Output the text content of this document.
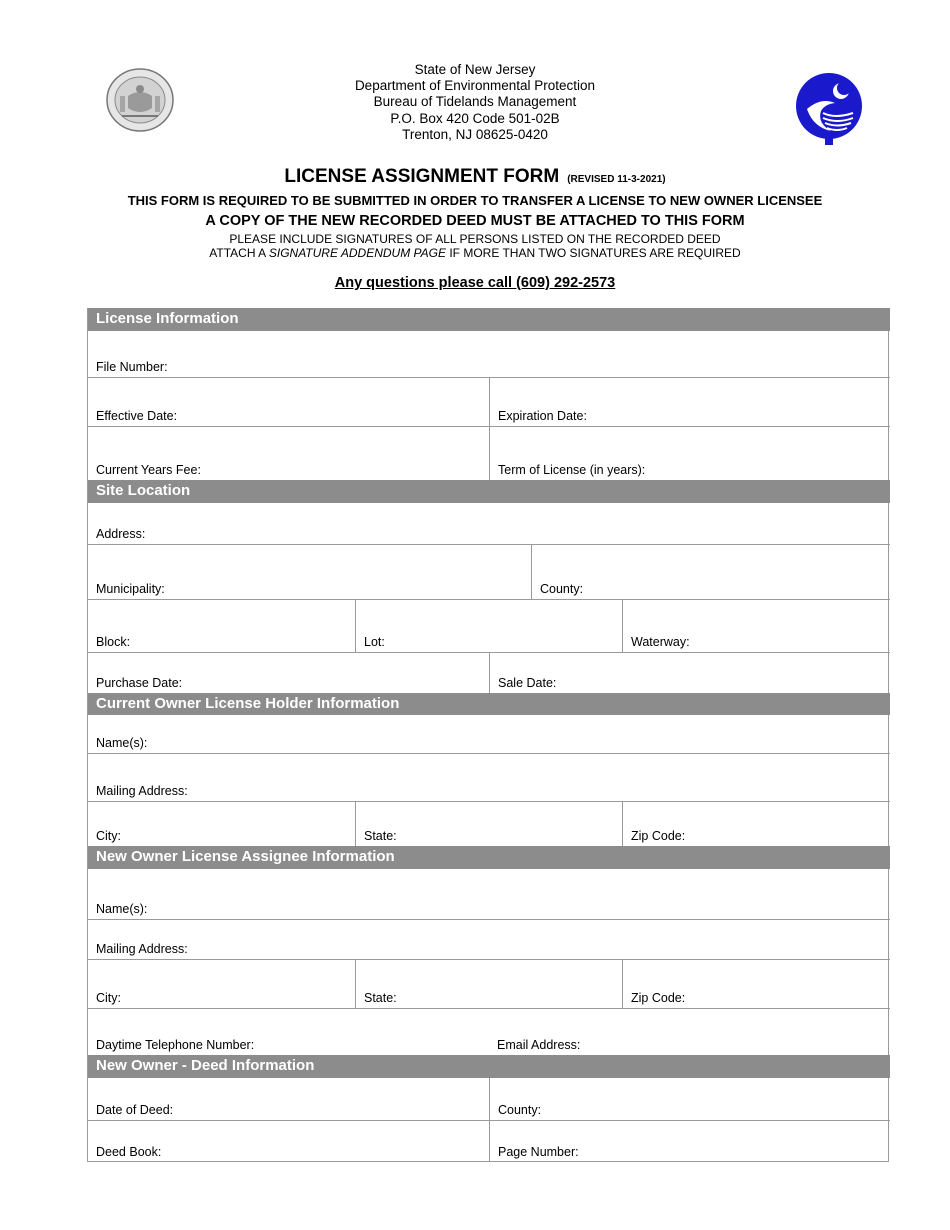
State of New Jersey
Department of Environmental Protection
Bureau of Tidelands Management
P.O. Box 420 Code 501-02B
Trenton, NJ 08625-0420
LICENSE ASSIGNMENT FORM (REVISED 11-3-2021)
THIS FORM IS REQUIRED TO BE SUBMITTED IN ORDER TO TRANSFER A LICENSE TO NEW OWNER LICENSEE
A COPY OF THE NEW RECORDED DEED MUST BE ATTACHED TO THIS FORM
PLEASE INCLUDE SIGNATURES OF ALL PERSONS LISTED ON THE RECORDED DEED
ATTACH A SIGNATURE ADDENDUM PAGE IF MORE THAN TWO SIGNATURES ARE REQUIRED
Any questions please call (609) 292-2573
License Information
File Number:
Effective Date:	Expiration Date:
Current Years Fee:	Term of License (in years):
Site Location
Address:
Municipality:	County:
Block:	Lot:	Waterway:
Purchase Date:	Sale Date:
Current Owner License Holder Information
Name(s):
Mailing Address:
City:	State:	Zip Code:
New Owner License Assignee Information
Name(s):
Mailing Address:
City:	State:	Zip Code:
Daytime Telephone Number:	Email Address:
New Owner - Deed Information
Date of Deed:	County:
Deed Book:	Page Number:
